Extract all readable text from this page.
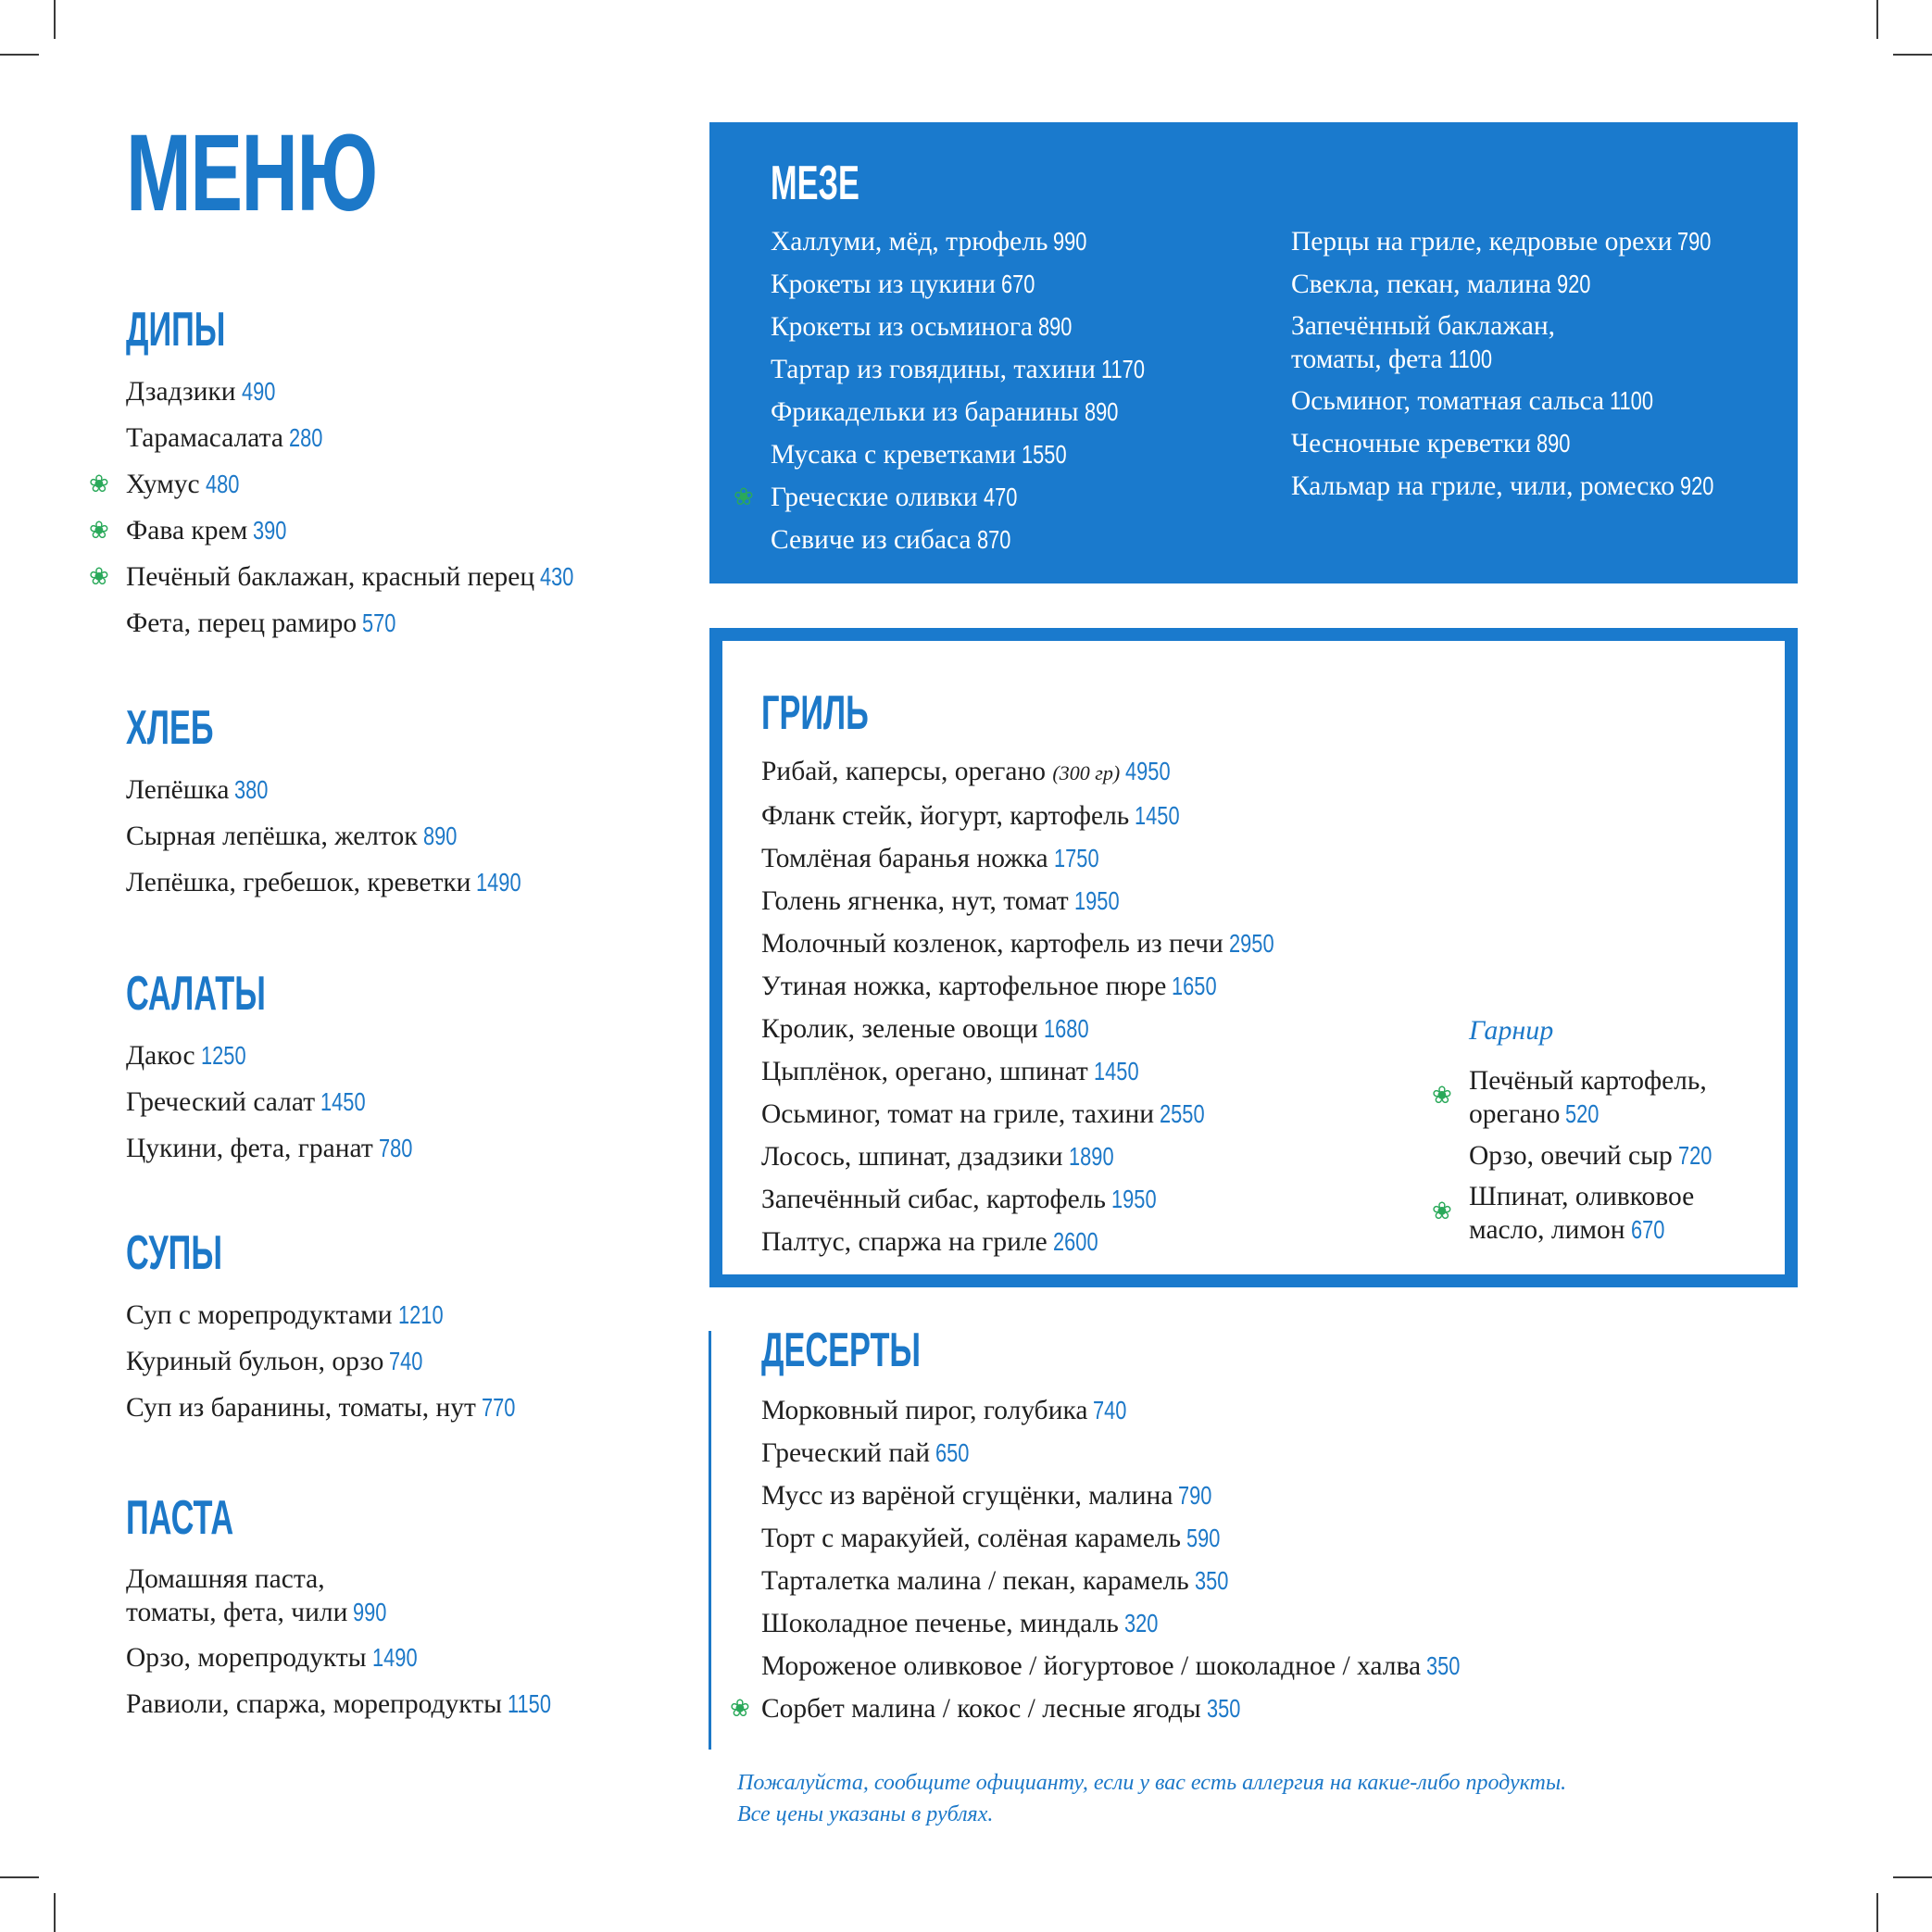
МЕНЮ
ДИПЫ
Дзадзики 490
Тарамасалата 280
❀ Хумус 480
❀ Фава крем 390
❀ Печёный баклажан, красный перец 430
Фета, перец рамиро 570
ХЛЕБ
Лепёшка 380
Сырная лепёшка, желток 890
Лепёшка, гребешок, креветки 1490
САЛАТЫ
Дакос 1250
Греческий салат 1450
Цукини, фета, гранат 780
СУПЫ
Суп с морепродуктами 1210
Куриный бульон, орзо 740
Суп из баранины, томаты, нут 770
ПАСТА
Домашняя паста,
томаты, фета, чили 990
Орзо, морепродукты 1490
Равиоли, спаржа, морепродукты 1150
МЕЗЕ
Халлуми, мёд, трюфель 990
Крокеты из цукини 670
Крокеты из осьминога 890
Тартар из говядины, тахини 1170
Фрикадельки из баранины 890
Мусака с креветками 1550
❀ Греческие оливки 470
Севиче из сибаса 870
Перцы на гриле, кедровые орехи 790
Свекла, пекан, малина 920
Запечённый баклажан,
томаты, фета 1100
Осьминог, томатная сальса 1100
Чесночные креветки 890
Кальмар на гриле, чили, ромеско 920
ГРИЛЬ
Рибай, каперсы, орегано (300 гр) 4950
Фланк стейк, йогурт, картофель 1450
Томлёная баранья ножка 1750
Голень ягненка, нут, томат 1950
Молочный козленок, картофель из печи 2950
Утиная ножка, картофельное пюре 1650
Кролик, зеленые овощи 1680
Цыплёнок, орегано, шпинат 1450
Осьминог, томат на гриле, тахини 2550
Лосось, шпинат, дзадзики 1890
Запечённый сибас, картофель 1950
Палтус, спаржа на гриле 2600
Гарнир
❀ Печёный картофель,
орегано 520
Орзо, овечий сыр 720
❀ Шпинат, оливковое
масло, лимон 670
ДЕСЕРТЫ
Морковный пирог, голубика 740
Греческий пай 650
Мусс из варёной сгущёнки, малина 790
Торт с маракуйей, солёная карамель 590
Тарталетка малина / пекан, карамель 350
Шоколадное печенье, миндаль 320
Мороженое оливковое / йогуртовое / шоколадное / халва 350
❀ Сорбет малина / кокос / лесные ягоды 350
Пожалуйста, сообщите официанту, если у вас есть аллергия на какие-либо продукты.
Все цены указаны в рублях.
